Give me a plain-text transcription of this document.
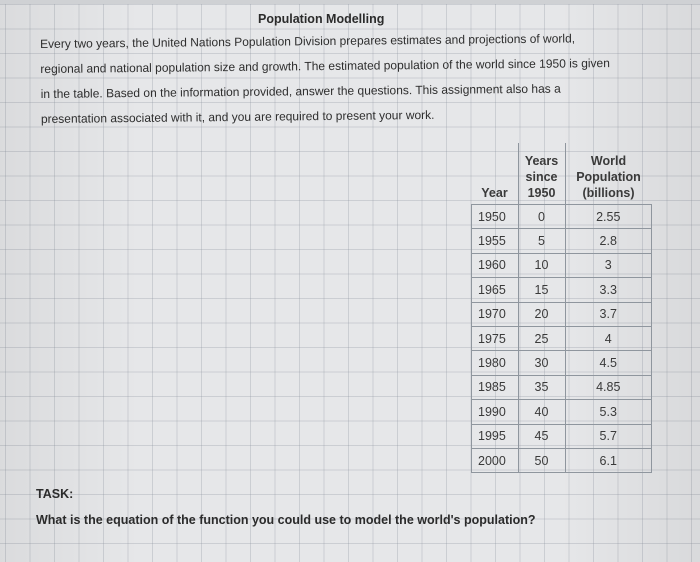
Population Modelling
Every two years, the United Nations Population Division prepares estimates and projections of world, regional and national population size and growth. The estimated population of the world since 1950 is given in the table. Based on the information provided, answer the questions. This assignment also has a presentation associated with it, and you are required to present your work.
Year	Years since 1950	World Population (billions)
1950	0	2.55
1955	5	2.8
1960	10	3
1965	15	3.3
1970	20	3.7
1975	25	4
1980	30	4.5
1985	35	4.85
1990	40	5.3
1995	45	5.7
2000	50	6.1
TASK:
What is the equation of the function you could use to model the world's population?
